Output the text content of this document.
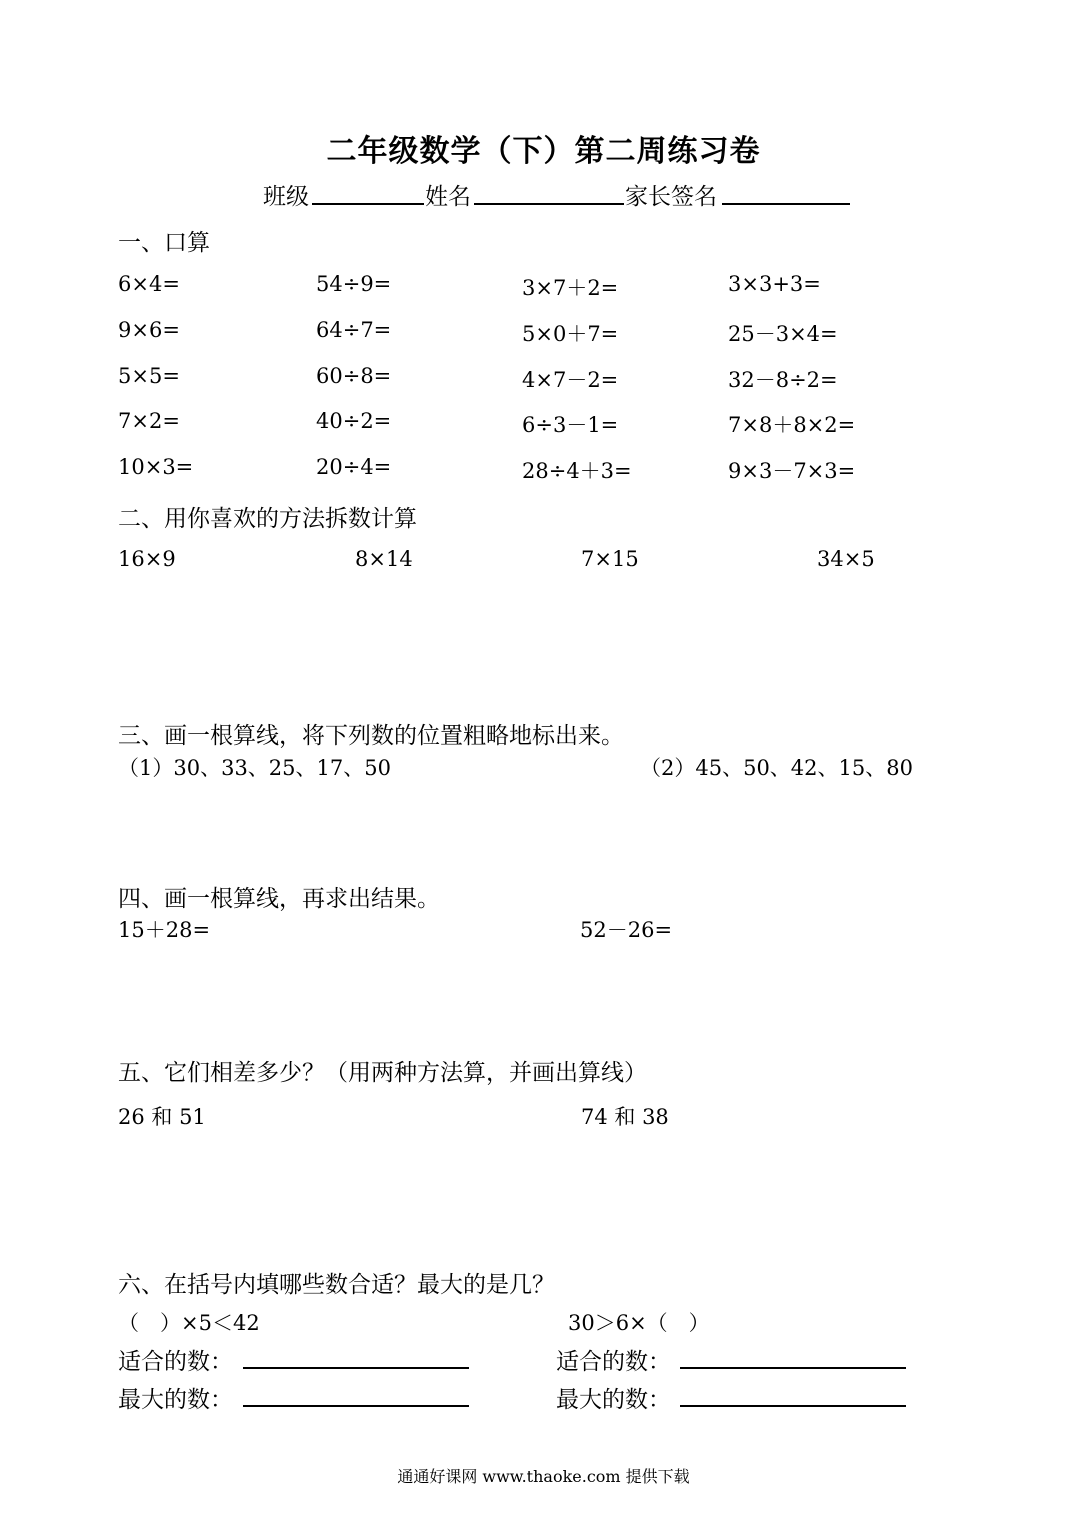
二年级数学（下）第二周练习卷
班级	姓名	家长签名
一、口算
6×4=	54÷9=	3×7＋2=	3×3+3=
9×6=	64÷7=	5×0＋7=	25－3×4=
5×5=	60÷8=	4×7－2=	32－8÷2=
7×2=	40÷2=	6÷3－1=	7×8＋8×2=
10×3=	20÷4=	28÷4＋3=	9×3－7×3=
二、用你喜欢的方法拆数计算
16×9	8×14	7×15	34×5
三、画一根算线，将下列数的位置粗略地标出来。
（1）30、33、25、17、50	（2）45、50、42、15、80
四、画一根算线，再求出结果。
15＋28=	52－26=
五、它们相差多少？（用两种方法算，并画出算线）
26 和 51	74 和 38
六、在括号内填哪些数合适？最大的是几？
（　）×5＜42	30＞6×（　）
适合的数：	适合的数：
最大的数：	最大的数：
通通好课网 www.thaoke.com 提供下载
